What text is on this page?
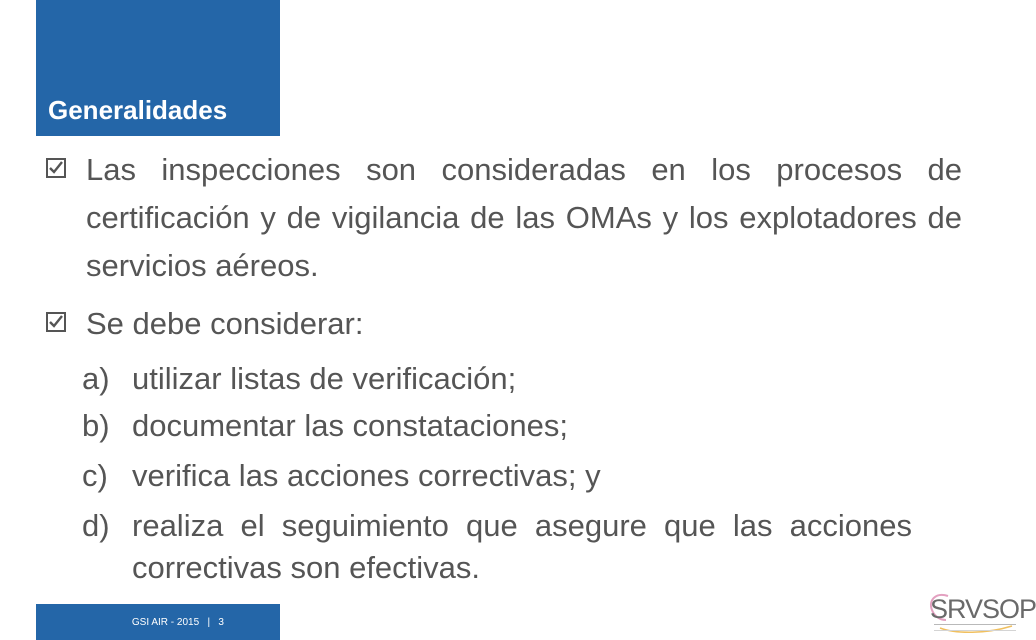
Generalidades
Las inspecciones son consideradas en los procesos de certificación y de vigilancia de las OMAs y los explotadores de servicios aéreos.
Se debe considerar:
a) utilizar listas de verificación;
b) documentar las constataciones;
c) verifica las acciones correctivas; y
d) realiza el seguimiento que asegure que las acciones correctivas son efectivas.
GSI AIR - 2015   |   3	SRVSOP
